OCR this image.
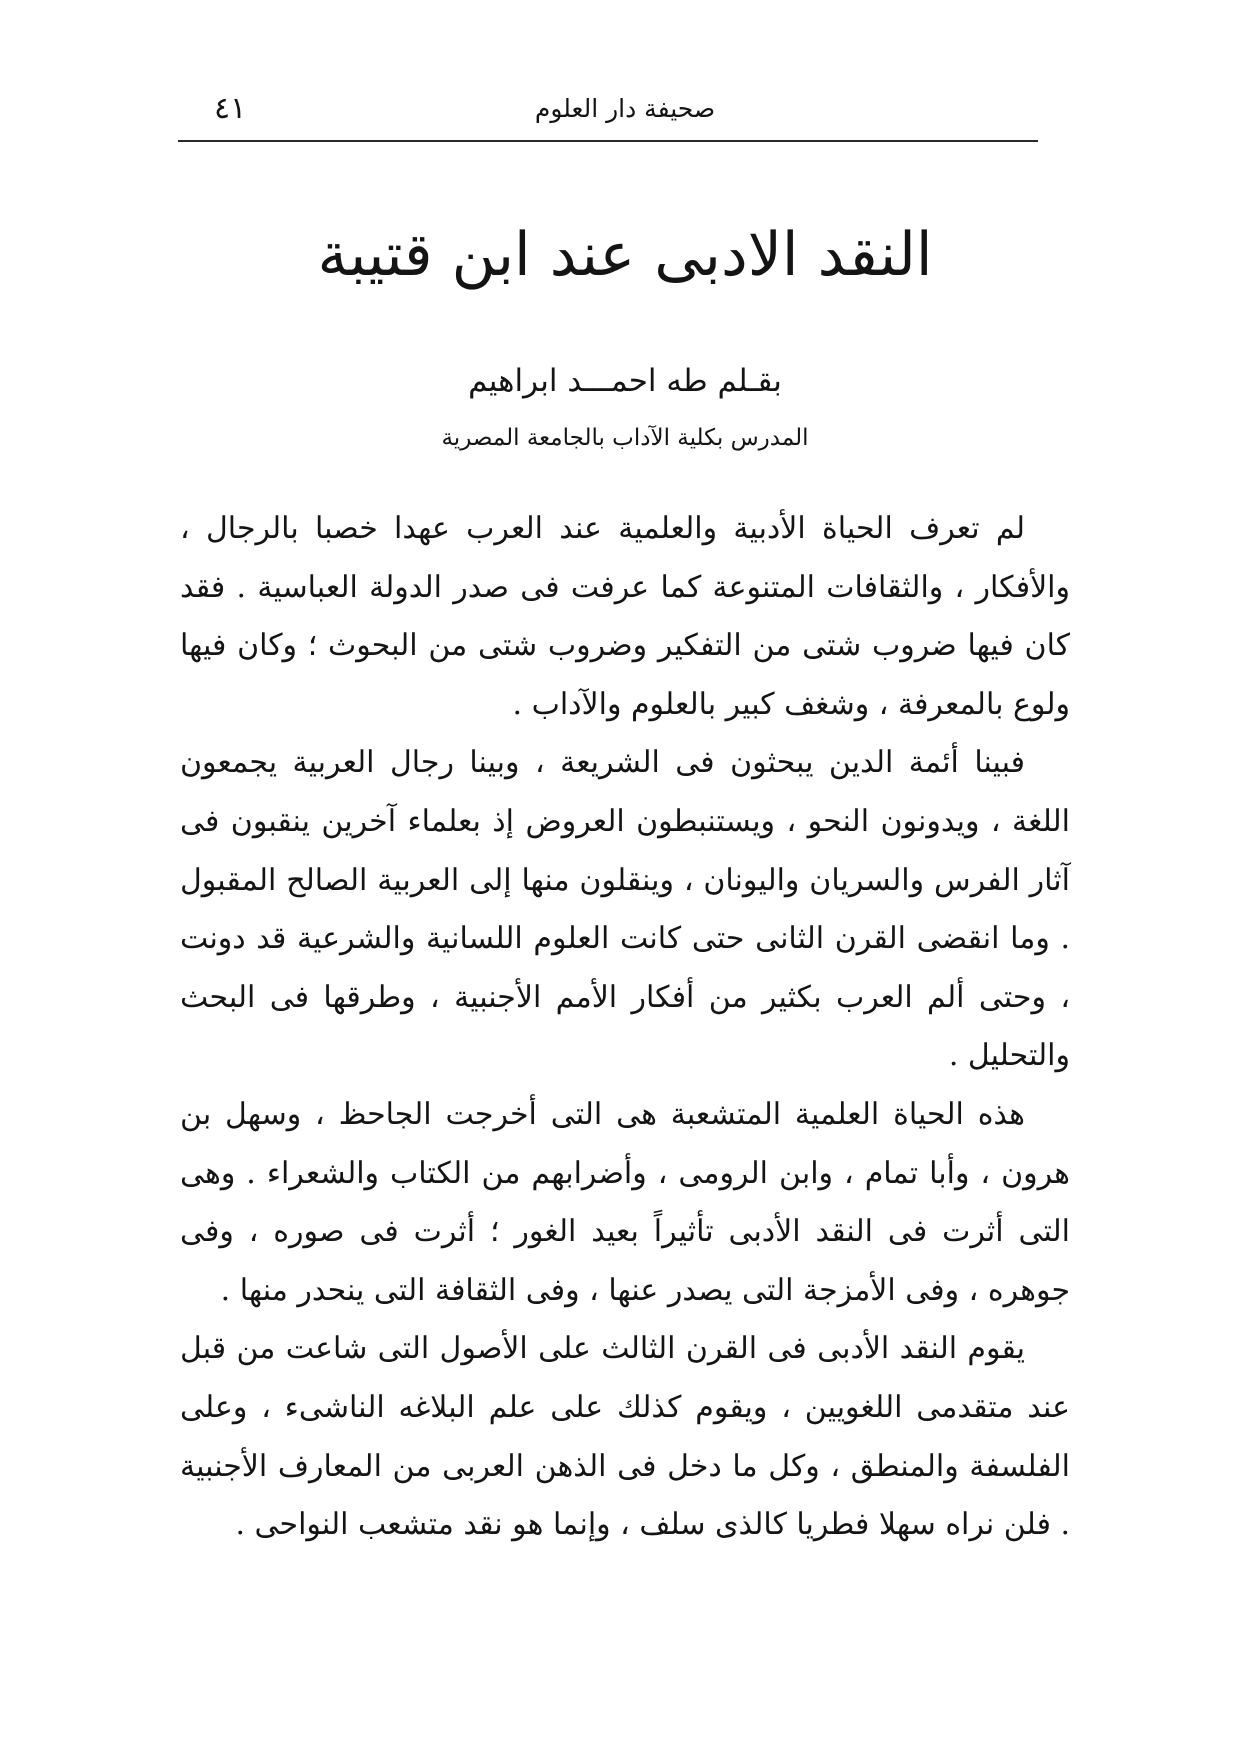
٤١	صحيفة دار العلوم
النقد الادبى عند ابن قتيبة
بقـلم طه احمـــد ابراهيم
المدرس بكلية الآداب بالجامعة المصرية

لم تعرف الحياة الأدبية والعلمية عند العرب عهدا خصبا بالرجال ، والأفكار ، والثقافات المتنوعة كما عرفت فى صدر الدولة العباسية . فقد كان فيها ضروب شتى من التفكير وضروب شتى من البحوث ؛ وكان فيها ولوع بالمعرفة ، وشغف كبير بالعلوم والآداب .

فبينا أئمة الدين يبحثون فى الشريعة ، وبينا رجال العربية يجمعون اللغة ، ويدونون النحو ، ويستنبطون العروض إذ بعلماء آخرين ينقبون فى آثار الفرس والسريان واليونان ، وينقلون منها إلى العربية الصالح المقبول . وما انقضى القرن الثانى حتى كانت العلوم اللسانية والشرعية قد دونت ، وحتى ألم العرب بكثير من أفكار الأمم الأجنبية ، وطرقها فى البحث والتحليل .

هذه الحياة العلمية المتشعبة هى التى أخرجت الجاحظ ، وسهل بن هرون ، وأبا تمام ، وابن الرومى ، وأضرابهم من الكتاب والشعراء . وهى التى أثرت فى النقد الأدبى تأثيراً بعيد الغور ؛ أثرت فى صوره ، وفى جوهره ، وفى الأمزجة التى يصدر عنها ، وفى الثقافة التى ينحدر منها .

يقوم النقد الأدبى فى القرن الثالث على الأصول التى شاعت من قبل عند متقدمى اللغويين ، ويقوم كذلك على علم البلاغه الناشىء ، وعلى الفلسفة والمنطق ، وكل ما دخل فى الذهن العربى من المعارف الأجنبية . فلن نراه سهلا فطريا كالذى سلف ، وإنما هو نقد متشعب النواحى .
